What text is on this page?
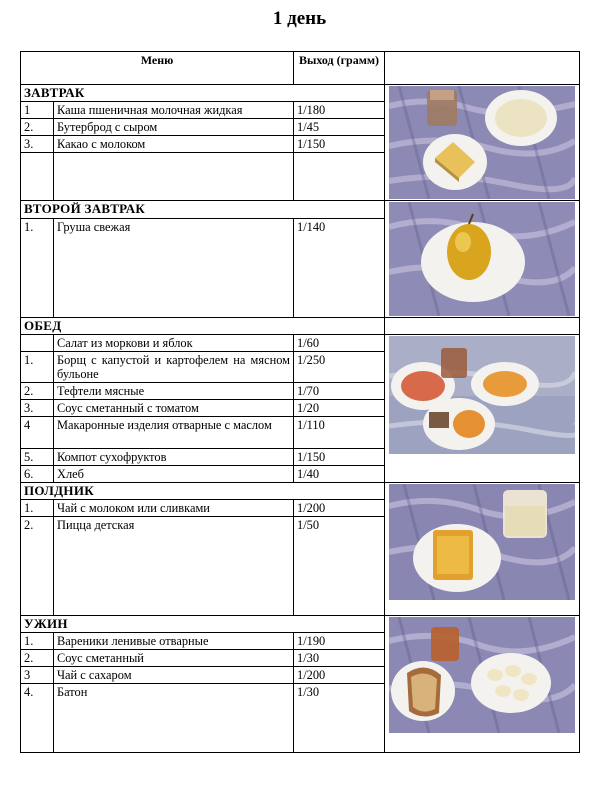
1 день
Меню		Выход (грамм)	
ЗАВТРАК	

1	Каша пшеничная молочная жидкая	1/180	
2.	Бутерброд с сыром	1/45	
3.	Какао с молоком	1/150	

ВТОРОЙ ЗАВТРАК	

1.	Груша свежая	1/140	
ОБЕД			
	Салат из моркови и яблок	1/60	

1.	Борщ с капустой и картофелем на мясном бульоне	1/250	
2.	Тефтели мясные	1/70	
3.	Соус сметанный с томатом	1/20	
4	Макаронные изделия отварные с маслом	1/110	
5.	Компот сухофруктов	1/150	
6.	Хлеб	1/40	
ПОЛДНИК	

1.	Чай с молоком или сливками	1/200	
2.	Пицца детская	1/50	
УЖИН	

1.	Вареники ленивые отварные	1/190	
2.	Соус сметанный	1/30	
3	Чай с сахаром	1/200	
4.	Батон	1/30	
